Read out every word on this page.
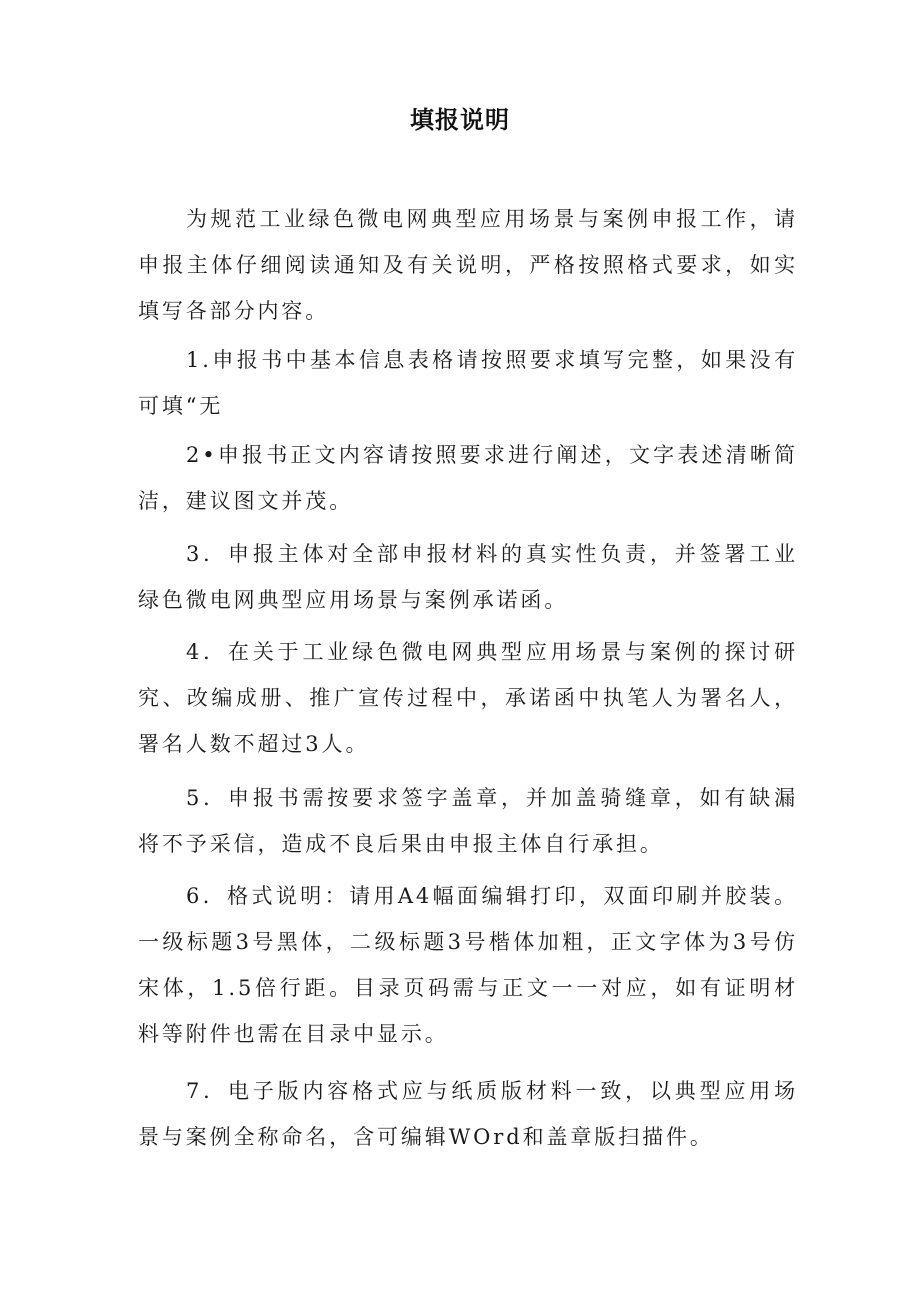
填报说明

为规范工业绿色微电网典型应用场景与案例申报工作，请申报主体仔细阅读通知及有关说明，严格按照格式要求，如实填写各部分内容。

1.申报书中基本信息表格请按照要求填写完整，如果没有可填“无

2•申报书正文内容请按照要求进行阐述，文字表述清晰简洁，建议图文并茂。

3．申报主体对全部申报材料的真实性负责，并签署工业绿色微电网典型应用场景与案例承诺函。

4．在关于工业绿色微电网典型应用场景与案例的探讨研究、改编成册、推广宣传过程中，承诺函中执笔人为署名人，署名人数不超过3人。

5．申报书需按要求签字盖章，并加盖骑缝章，如有缺漏将不予采信，造成不良后果由申报主体自行承担。

6．格式说明：请用A4幅面编辑打印，双面印刷并胶装。一级标题3号黑体，二级标题3号楷体加粗，正文字体为3号仿宋体，1.5倍行距。目录页码需与正文一一对应，如有证明材料等附件也需在目录中显示。

7．电子版内容格式应与纸质版材料一致，以典型应用场景与案例全称命名，含可编辑WOrd和盖章版扫描件。
